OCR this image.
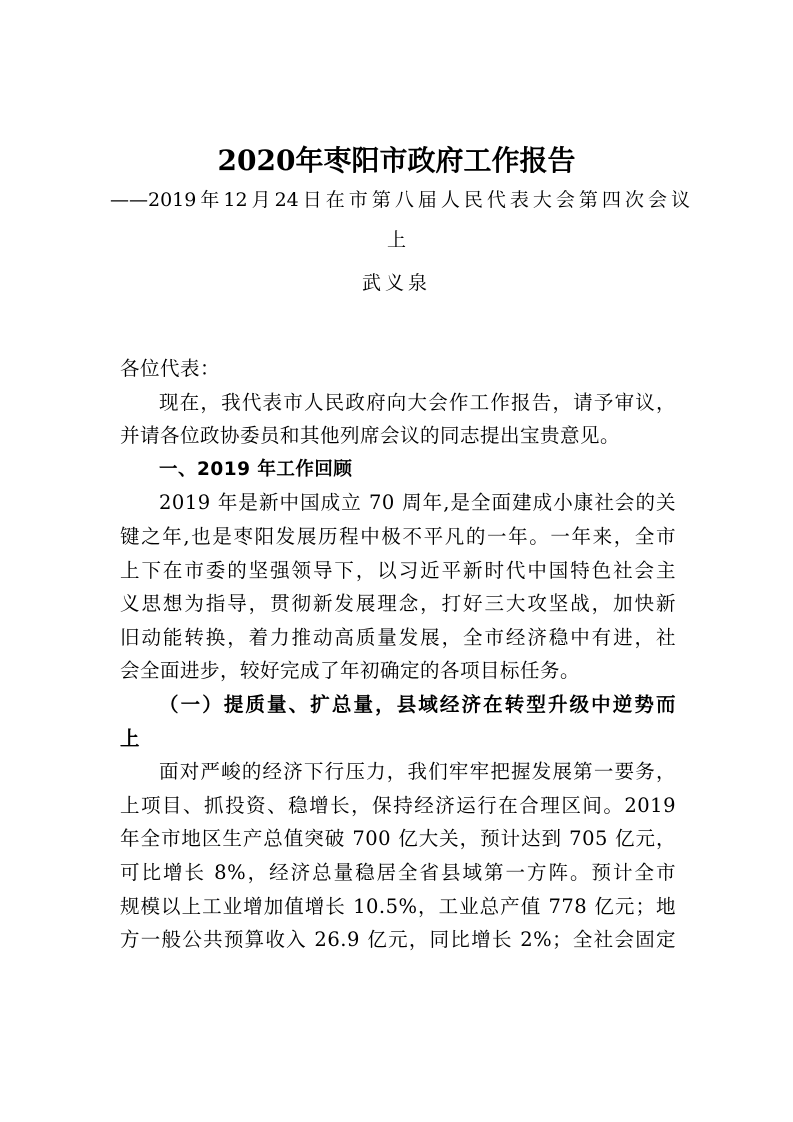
2020年枣阳市政府工作报告
——2019年12月24日在市第八届人民代表大会第四次会议
上
武义泉
各位代表：
现在，我代表市人民政府向大会作工作报告，请予审议，
并请各位政协委员和其他列席会议的同志提出宝贵意见。
一、2019 年工作回顾
2019 年是新中国成立 70 周年,是全面建成小康社会的关
键之年,也是枣阳发展历程中极不平凡的一年。一年来，全市
上下在市委的坚强领导下，以习近平新时代中国特色社会主
义思想为指导，贯彻新发展理念，打好三大攻坚战，加快新
旧动能转换，着力推动高质量发展，全市经济稳中有进，社
会全面进步，较好完成了年初确定的各项目标任务。
（一）提质量、扩总量，县域经济在转型升级中逆势而
上
面对严峻的经济下行压力，我们牢牢把握发展第一要务，
上项目、抓投资、稳增长，保持经济运行在合理区间。2019
年全市地区生产总值突破 700 亿大关，预计达到 705 亿元，
可比增长 8%，经济总量稳居全省县域第一方阵。预计全市
规模以上工业增加值增长 10.5%，工业总产值 778 亿元；地
方一般公共预算收入 26.9 亿元，同比增长 2%；全社会固定
